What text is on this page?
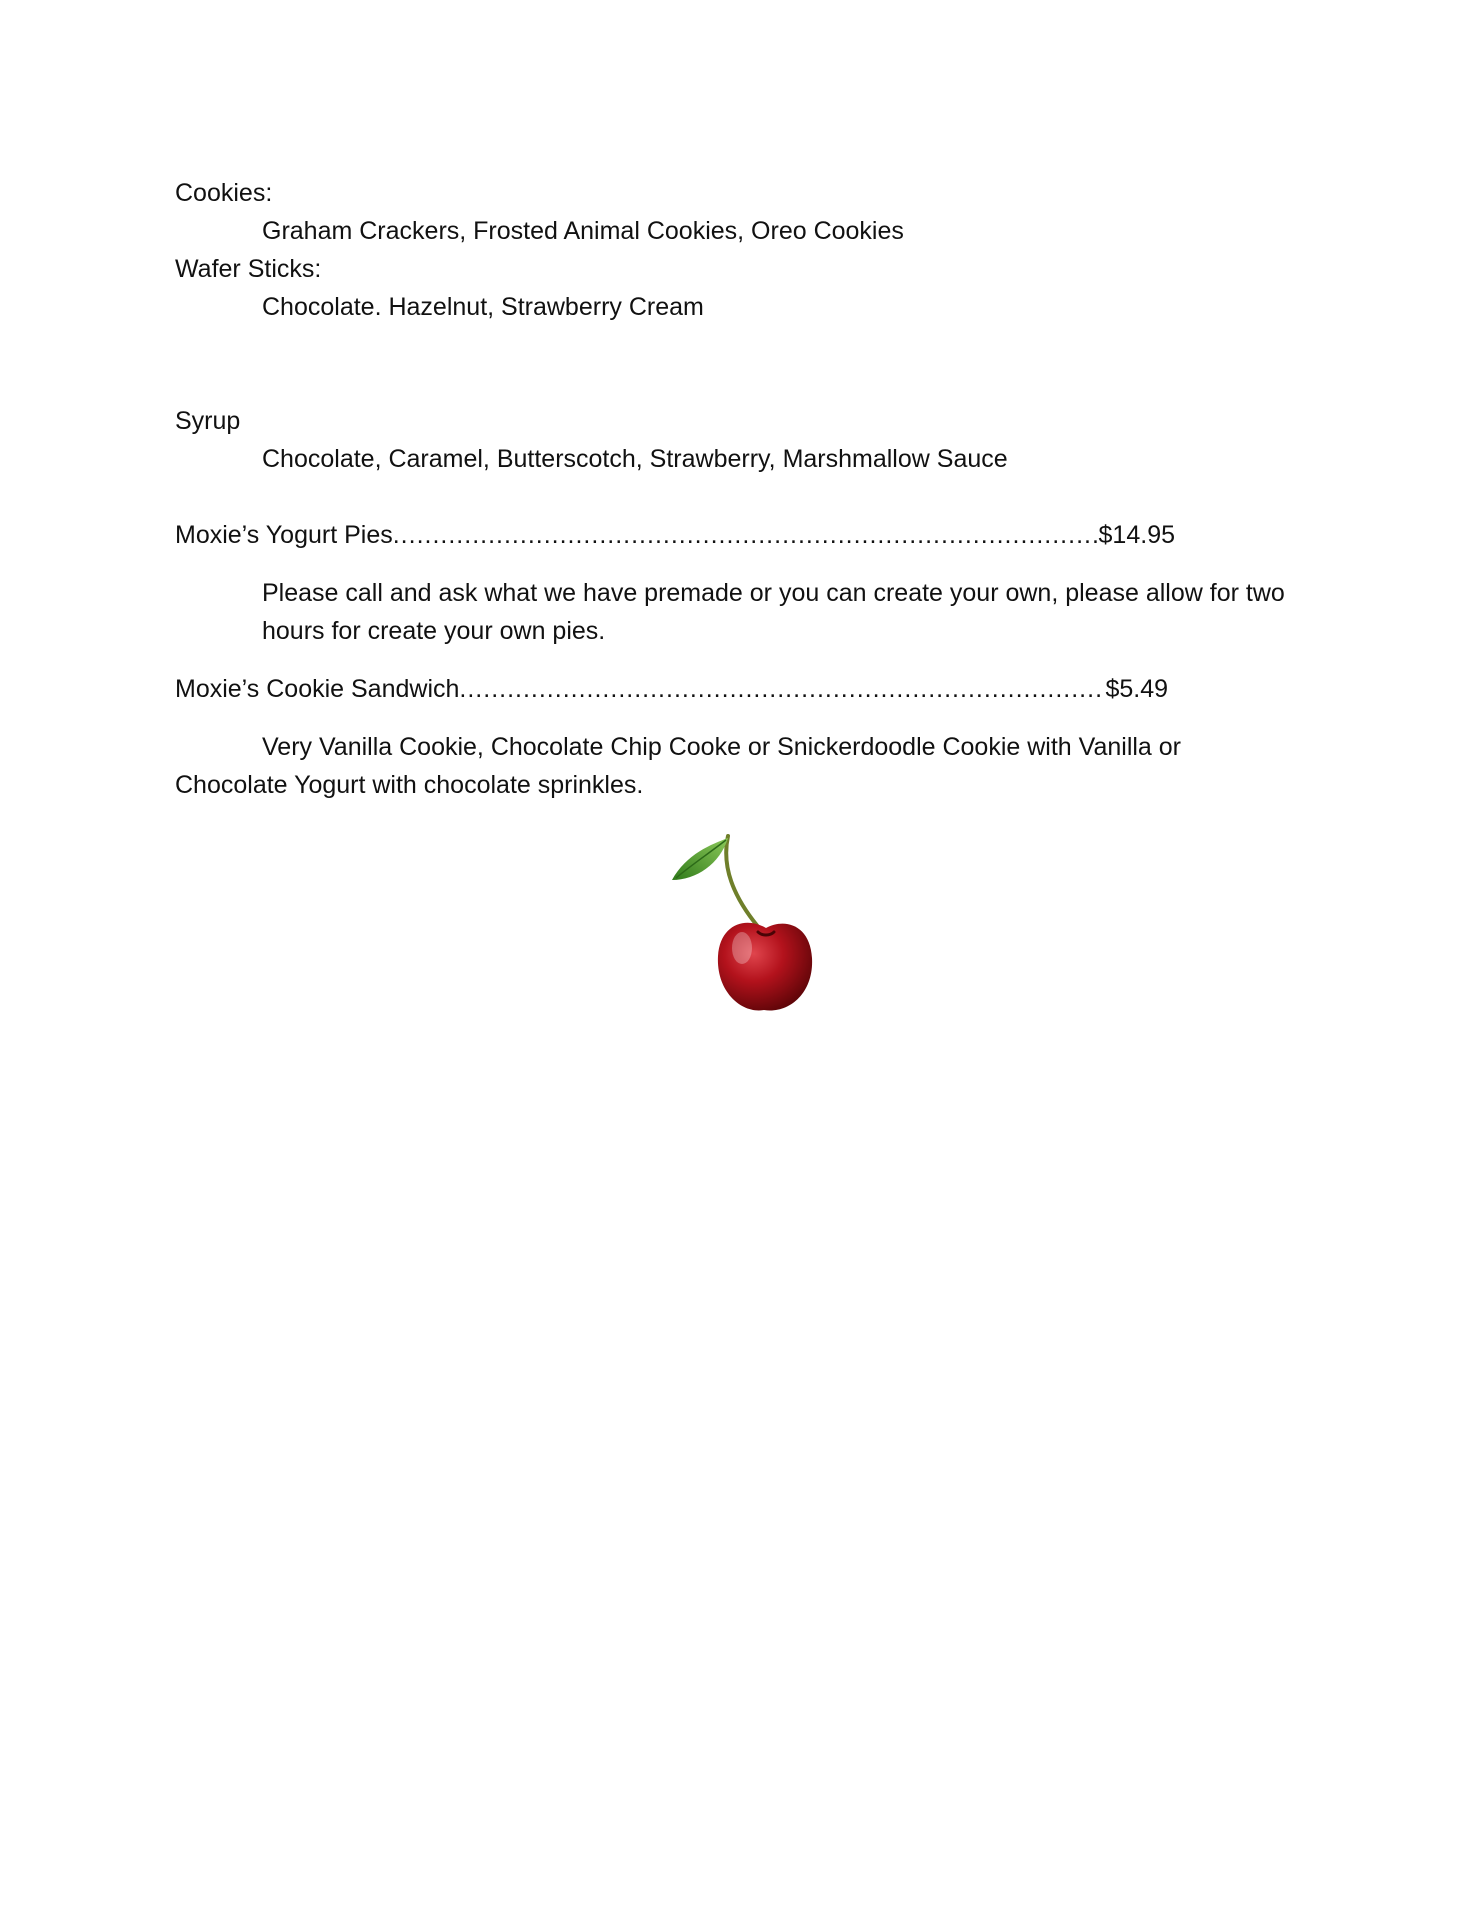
Cookies:
Graham Crackers, Frosted Animal Cookies, Oreo Cookies
Wafer Sticks:
Chocolate. Hazelnut, Strawberry Cream
Syrup
Chocolate, Caramel, Butterscotch, Strawberry, Marshmallow Sauce
Moxie’s Yogurt Pies .....	$14.95
Please call and ask what we have premade or you can create your own, please allow for two hours for create your own pies.
Moxie’s Cookie Sandwich .....	$5.49
Very Vanilla Cookie, Chocolate Chip Cooke or Snickerdoodle Cookie with Vanilla or Chocolate Yogurt with chocolate sprinkles.
